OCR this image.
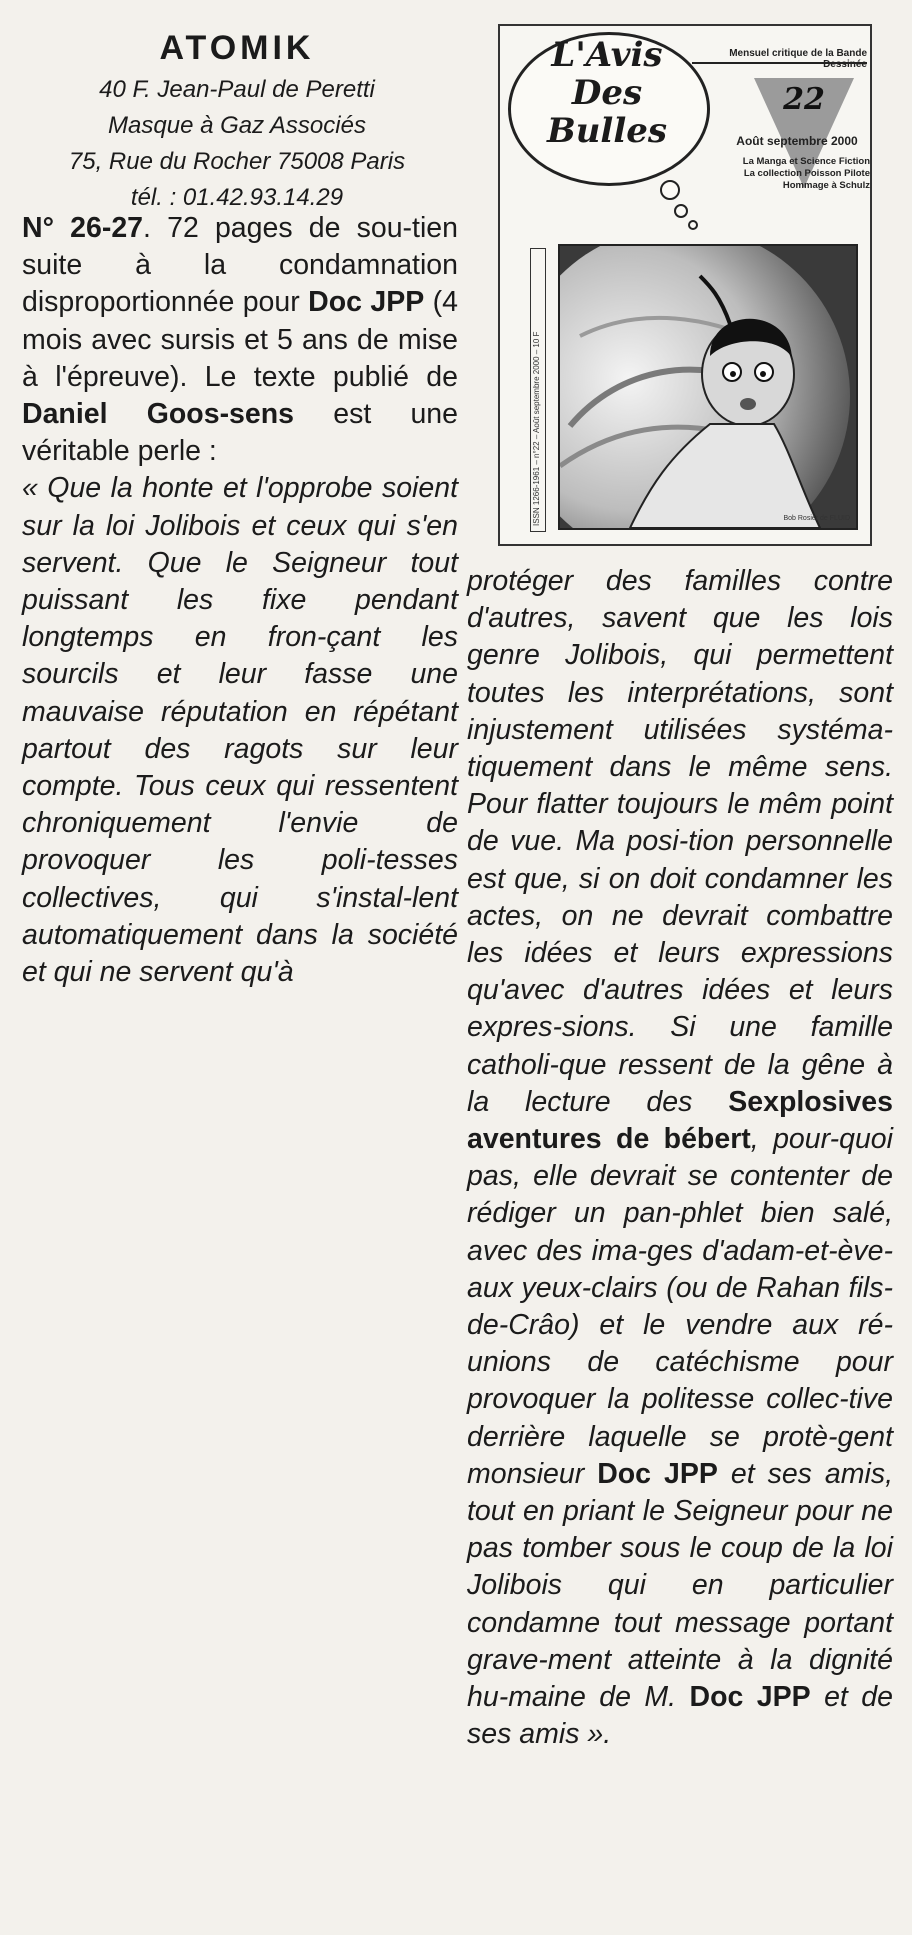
ATOMIK
40 F. Jean-Paul de Peretti
Masque à Gaz Associés
75, Rue du Rocher 75008 Paris
tél. : 01.42.93.14.29

N° 26-27. 72 pages de sou-tien suite à la condamnation disproportionnée pour Doc JPP (4 mois avec sursis et 5 ans de mise à l'épreuve). Le texte publié de Daniel Goos-sens est une véritable perle :

« Que la honte et l'opprobe soient sur la loi Jolibois et ceux qui s'en servent. Que le Seigneur tout puissant les fixe pendant longtemps en fron-çant les sourcils et leur fasse une mauvaise réputation en répétant partout des ragots sur leur compte. Tous ceux qui ressentent chroniquement l'envie de provoquer les poli-tesses collectives, qui s'instal-lent automatiquement dans la société et qui ne servent qu'à

protéger des familles contre d'autres, savent que les lois genre Jolibois, qui permettent toutes les interprétations, sont injustement utilisées systéma-tiquement dans le même sens. Pour flatter toujours le mêm point de vue. Ma posi-tion personnelle est que, si on doit condamner les actes, on ne devrait combattre les idées et leurs expressions qu'avec d'autres idées et leurs expres-sions. Si une famille catholi-que ressent de la gêne à la lecture des Sexplosives aventures de bébert, pour-quoi pas, elle devrait se contenter de rédiger un pan-phlet bien salé, avec des ima-ges d'adam-et-ève-aux yeux-clairs (ou de Rahan fils-de-Crâo) et le vendre aux ré-unions de catéchisme pour provoquer la politesse collec-tive derrière laquelle se protè-gent monsieur Doc JPP et ses amis, tout en priant le Seigneur pour ne pas tomber sous le coup de la loi Jolibois qui en particulier condamne tout message portant grave-ment atteinte à la dignité hu-maine de M. Doc JPP et de ses amis ».

L'Avis
Des
Bulles
Mensuel critique de la Bande Dessinée
22
Août septembre 2000
La Manga et Science Fiction
La collection Poisson Pilote
Hommage à Schulz
ISSN 1266-1961 – n°22 – Août septembre 2000 – 10 F	Bob Rosier de FLUID
